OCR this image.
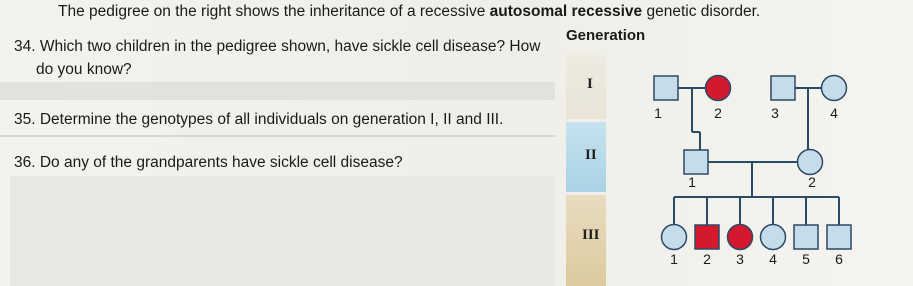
The pedigree on the right shows the inheritance of a recessive autosomal recessive genetic disorder.
34. Which two children in the pedigree shown, have sickle cell disease? How
do you know?
35. Determine the genotypes of all individuals on generation I, II and III.
36. Do any of the grandparents have sickle cell disease?
Generation
I
II
III
1	2	3	4
1	2
1 2 3 4 5 6
